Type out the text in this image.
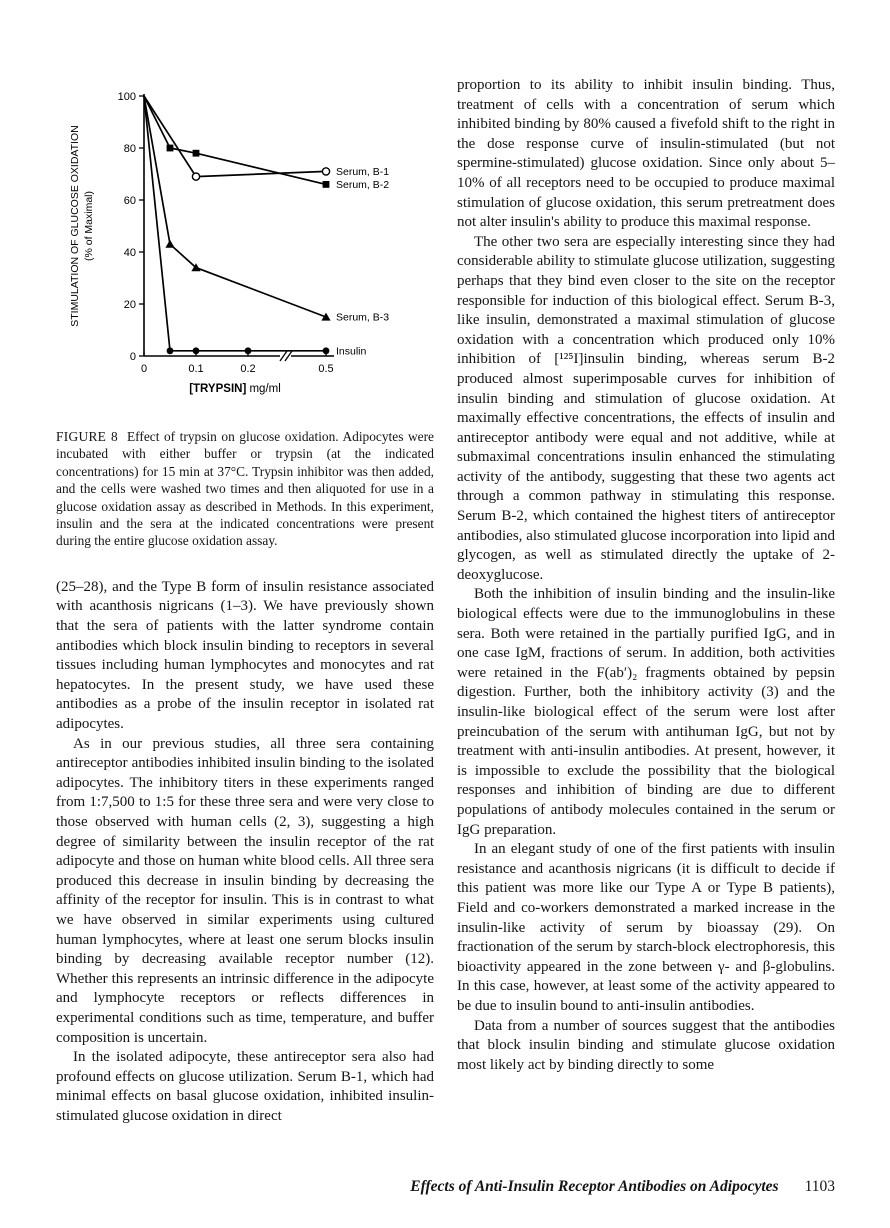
0
20
40
60
80
100
0	0.1	0.2	0.5
STIMULATION OF GLUCOSE OXIDATION (% of Maximal)
[TRYPSIN] mg/ml
Serum, B-1
Serum, B-2
Serum, B-3
Insulin
FIGURE 8 Effect of trypsin on glucose oxidation. Adipocytes were incubated with either buffer or trypsin (at the indicated concentrations) for 15 min at 37°C. Trypsin inhibitor was then added, and the cells were washed two times and then aliquoted for use in a glucose oxidation assay as described in Methods. In this experiment, insulin and the sera at the indicated concentrations were present during the entire glucose oxidation assay.

(25–28), and the Type B form of insulin resistance associated with acanthosis nigricans (1–3). We have previously shown that the sera of patients with the latter syndrome contain antibodies which block insulin binding to receptors in several tissues including human lymphocytes and monocytes and rat hepatocytes. In the present study, we have used these antibodies as a probe of the insulin receptor in isolated rat adipocytes.

As in our previous studies, all three sera containing antireceptor antibodies inhibited insulin binding to the isolated adipocytes. The inhibitory titers in these experiments ranged from 1:7,500 to 1:5 for these three sera and were very close to those observed with human cells (2, 3), suggesting a high degree of similarity between the insulin receptor of the rat adipocyte and those on human white blood cells. All three sera produced this decrease in insulin binding by decreasing the affinity of the receptor for insulin. This is in contrast to what we have observed in similar experiments using cultured human lymphocytes, where at least one serum blocks insulin binding by decreasing available receptor number (12). Whether this represents an intrinsic difference in the adipocyte and lymphocyte receptors or reflects differences in experimental conditions such as time, temperature, and buffer composition is uncertain.

In the isolated adipocyte, these antireceptor sera also had profound effects on glucose utilization. Serum B-1, which had minimal effects on basal glucose oxidation, inhibited insulin-stimulated glucose oxidation in direct

proportion to its ability to inhibit insulin binding. Thus, treatment of cells with a concentration of serum which inhibited binding by 80% caused a fivefold shift to the right in the dose response curve of insulin-stimulated (but not spermine-stimulated) glucose oxidation. Since only about 5–10% of all receptors need to be occupied to produce maximal stimulation of glucose oxidation, this serum pretreatment does not alter insulin's ability to produce this maximal response.

The other two sera are especially interesting since they had considerable ability to stimulate glucose utilization, suggesting perhaps that they bind even closer to the site on the receptor responsible for induction of this biological effect. Serum B-3, like insulin, demonstrated a maximal stimulation of glucose oxidation with a concentration which produced only 10% inhibition of [¹²⁵I]insulin binding, whereas serum B-2 produced almost superimposable curves for inhibition of insulin binding and stimulation of glucose oxidation. At maximally effective concentrations, the effects of insulin and antireceptor antibody were equal and not additive, while at submaximal concentrations insulin enhanced the stimulating activity of the antibody, suggesting that these two agents act through a common pathway in stimulating this response. Serum B-2, which contained the highest titers of antireceptor antibodies, also stimulated glucose incorporation into lipid and glycogen, as well as stimulated directly the uptake of 2-deoxyglucose.

Both the inhibition of insulin binding and the insulin-like biological effects were due to the immunoglobulins in these sera. Both were retained in the partially purified IgG, and in one case IgM, fractions of serum. In addition, both activities were retained in the F(ab′)₂ fragments obtained by pepsin digestion. Further, both the inhibitory activity (3) and the insulin-like biological effect of the serum were lost after preincubation of the serum with antihuman IgG, but not by treatment with anti-insulin antibodies. At present, however, it is impossible to exclude the possibility that the biological responses and inhibition of binding are due to different populations of antibody molecules contained in the serum or IgG preparation.

In an elegant study of one of the first patients with insulin resistance and acanthosis nigricans (it is difficult to decide if this patient was more like our Type A or Type B patients), Field and co-workers demonstrated a marked increase in the insulin-like activity of serum by bioassay (29). On fractionation of the serum by starch-block electrophoresis, this bioactivity appeared in the zone between γ- and β-globulins. In this case, however, at least some of the activity appeared to be due to insulin bound to anti-insulin antibodies.

Data from a number of sources suggest that the antibodies that block insulin binding and stimulate glucose oxidation most likely act by binding directly to some

Effects of Anti-Insulin Receptor Antibodies on Adipocytes 1103
